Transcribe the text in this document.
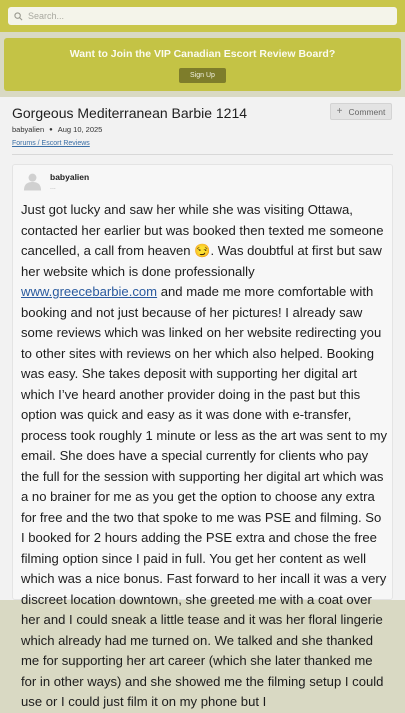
Search...
Want to Join the VIP Canadian Escort Review Board?
Sign Up
Gorgeous Mediterranean Barbie 1214	+ Comment
babyalien ● Aug 10, 2025
Forums / Escort Reviews
babyalien
...
Just got lucky and saw her while she was visiting Ottawa, contacted her earlier but was booked then texted me someone cancelled, a call from heaven 😏. Was doubtful at first but saw her website which is done professionally www.greecebarbie.com and made me more comfortable with booking and not just because of her pictures! I already saw some reviews which was linked on her website redirecting you to other sites with reviews on her which also helped. Booking was easy. She takes deposit with supporting her digital art which I’ve heard another provider doing in the past but this option was quick and easy as it was done with e-transfer, process took roughly 1 minute or less as the art was sent to my email. She does have a special currently for clients who pay the full for the session with supporting her digital art which was a no brainer for me as you get the option to choose any extra for free and the two that spoke to me was PSE and filming. So I booked for 2 hours adding the PSE extra and chose the free filming option since I paid in full. You get her content as well which was a nice bonus. Fast forward to her incall it was a very discreet location downtown, she greeted me with a coat over her and I could sneak a little tease and it was her floral lingerie which already had me turned on. We talked and she thanked me for supporting her art career (which she later thanked me for in other ways) and she showed me the filming setup I could use or I could just film it on my phone but I
